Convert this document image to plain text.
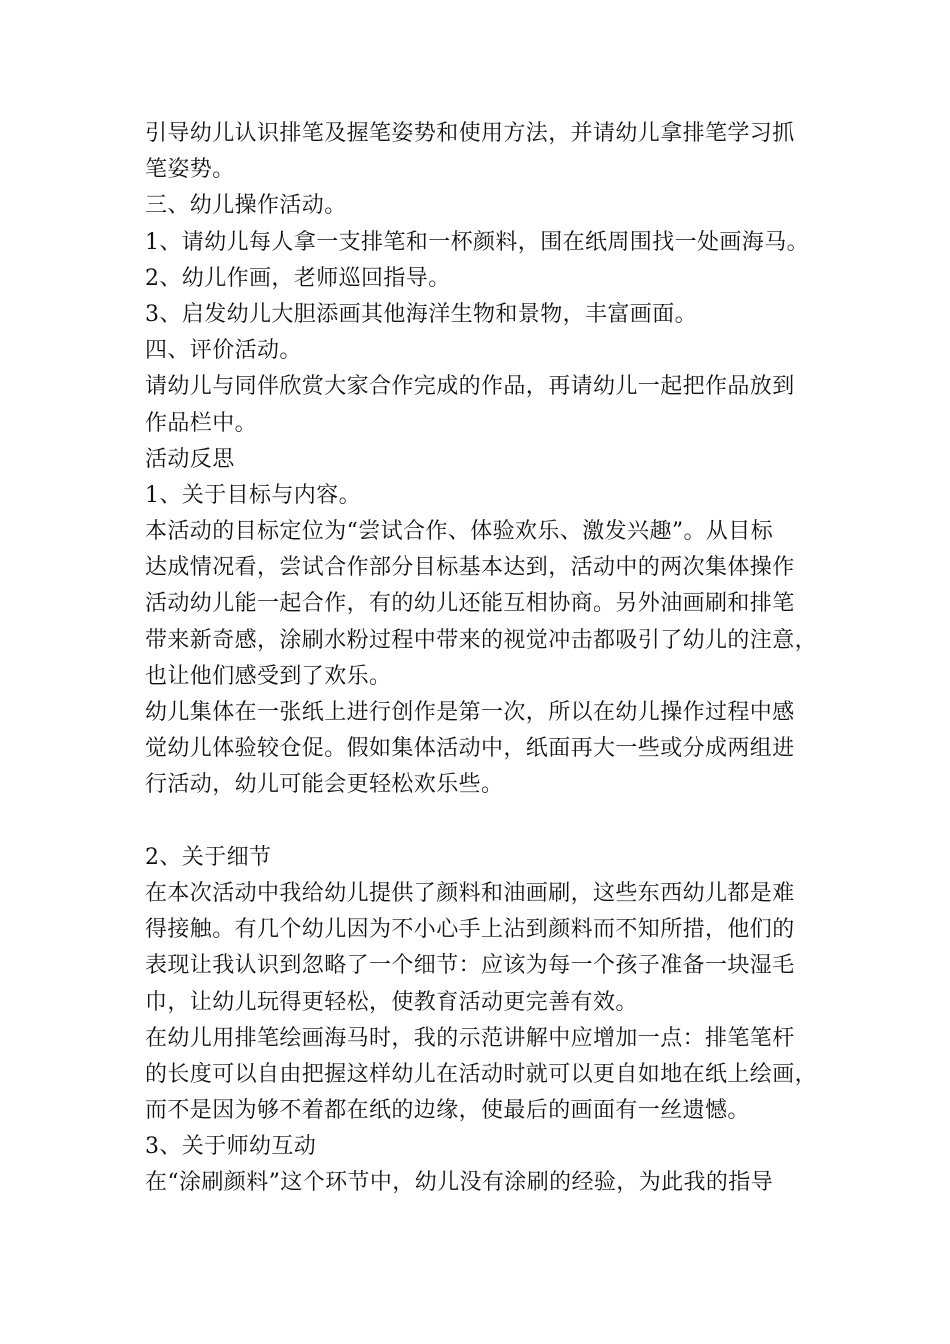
引导幼儿认识排笔及握笔姿势和使用方法，并请幼儿拿排笔学习抓
笔姿势。
三、幼儿操作活动。
1、请幼儿每人拿一支排笔和一杯颜料，围在纸周围找一处画海马。
2、幼儿作画，老师巡回指导。
3、启发幼儿大胆添画其他海洋生物和景物，丰富画面。
四、评价活动。
请幼儿与同伴欣赏大家合作完成的作品，再请幼儿一起把作品放到
作品栏中。
活动反思
1、关于目标与内容。
本活动的目标定位为“尝试合作、体验欢乐、激发兴趣”。从目标
达成情况看，尝试合作部分目标基本达到，活动中的两次集体操作
活动幼儿能一起合作，有的幼儿还能互相协商。另外油画刷和排笔
带来新奇感，涂刷水粉过程中带来的视觉冲击都吸引了幼儿的注意，
也让他们感受到了欢乐。
幼儿集体在一张纸上进行创作是第一次，所以在幼儿操作过程中感
觉幼儿体验较仓促。假如集体活动中，纸面再大一些或分成两组进
行活动，幼儿可能会更轻松欢乐些。
2、关于细节
在本次活动中我给幼儿提供了颜料和油画刷，这些东西幼儿都是难
得接触。有几个幼儿因为不小心手上沾到颜料而不知所措，他们的
表现让我认识到忽略了一个细节：应该为每一个孩子准备一块湿毛
巾，让幼儿玩得更轻松，使教育活动更完善有效。
在幼儿用排笔绘画海马时，我的示范讲解中应增加一点：排笔笔杆
的长度可以自由把握这样幼儿在活动时就可以更自如地在纸上绘画，
而不是因为够不着都在纸的边缘，使最后的画面有一丝遗憾。
3、关于师幼互动
在“涂刷颜料”这个环节中，幼儿没有涂刷的经验，为此我的指导
